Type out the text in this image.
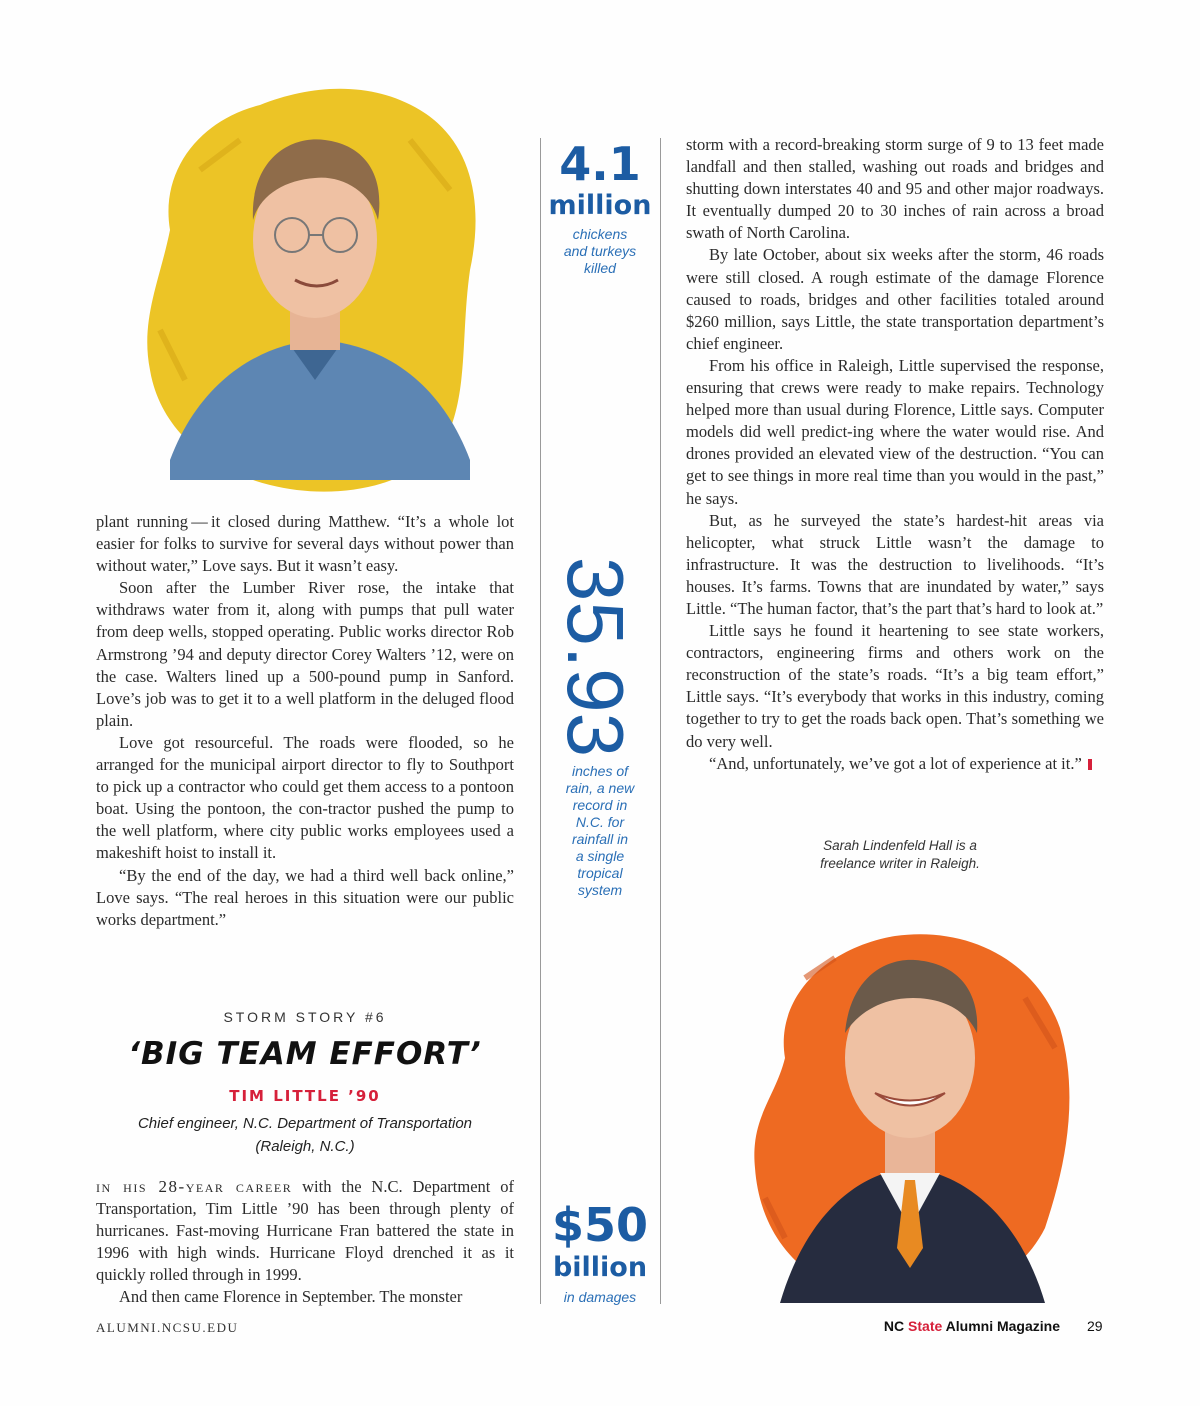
plant running — it closed during Matthew. “It’s a whole lot easier for folks to survive for several days without power than without water,” Love says. But it wasn’t easy.

Soon after the Lumber River rose, the intake that withdraws water from it, along with pumps that pull water from deep wells, stopped operating. Public works director Rob Armstrong ’94 and deputy director Corey Walters ’12, were on the case. Walters lined up a 500-pound pump in Sanford. Love’s job was to get it to a well platform in the deluged flood plain.

Love got resourceful. The roads were flooded, so he arranged for the municipal airport director to fly to Southport to pick up a contractor who could get them access to a pontoon boat. Using the pontoon, the con-tractor pushed the pump to the well platform, where city public works employees used a makeshift hoist to install it.

“By the end of the day, we had a third well back online,” Love says. “The real heroes in this situation were our public works department.”

STORM STORY #6
‘BIG TEAM EFFORT’
TIM LITTLE ’90
Chief engineer, N.C. Department of Transportation
(Raleigh, N.C.)

in his 28-year career with the N.C. Department of Transportation, Tim Little ’90 has been through plenty of hurricanes. Fast-moving Hurricane Fran battered the state in 1996 with high winds. Hurricane Floyd drenched it as it quickly rolled through in 1999.

And then came Florence in September. The monster

4.1
million
chickens
and turkeys
killed
35.93
inches of
rain, a new
record in
N.C. for
rainfall in
a single
tropical
system
$50
billion
in damages

storm with a record-breaking storm surge of 9 to 13 feet made landfall and then stalled, washing out roads and bridges and shutting down interstates 40 and 95 and other major roadways. It eventually dumped 20 to 30 inches of rain across a broad swath of North Carolina.

By late October, about six weeks after the storm, 46 roads were still closed. A rough estimate of the damage Florence caused to roads, bridges and other facilities totaled around $260 million, says Little, the state transportation department’s chief engineer.

From his office in Raleigh, Little supervised the response, ensuring that crews were ready to make repairs. Technology helped more than usual during Florence, Little says. Computer models did well predict-ing where the water would rise. And drones provided an elevated view of the destruction. “You can get to see things in more real time than you would in the past,” he says.

But, as he surveyed the state’s hardest-hit areas via helicopter, what struck Little wasn’t the damage to infrastructure. It was the destruction to livelihoods. “It’s houses. It’s farms. Towns that are inundated by water,” says Little. “The human factor, that’s the part that’s hard to look at.”

Little says he found it heartening to see state workers, contractors, engineering firms and others work on the reconstruction of the state’s roads. “It’s a big team effort,” Little says. “It’s everybody that works in this industry, coming together to try to get the roads back open. That’s something we do very well.

“And, unfortunately, we’ve got a lot of experience at it.”

Sarah Lindenfeld Hall is a
freelance writer in Raleigh.
ALUMNI.NCSU.EDU	NC State Alumni Magazine 29
